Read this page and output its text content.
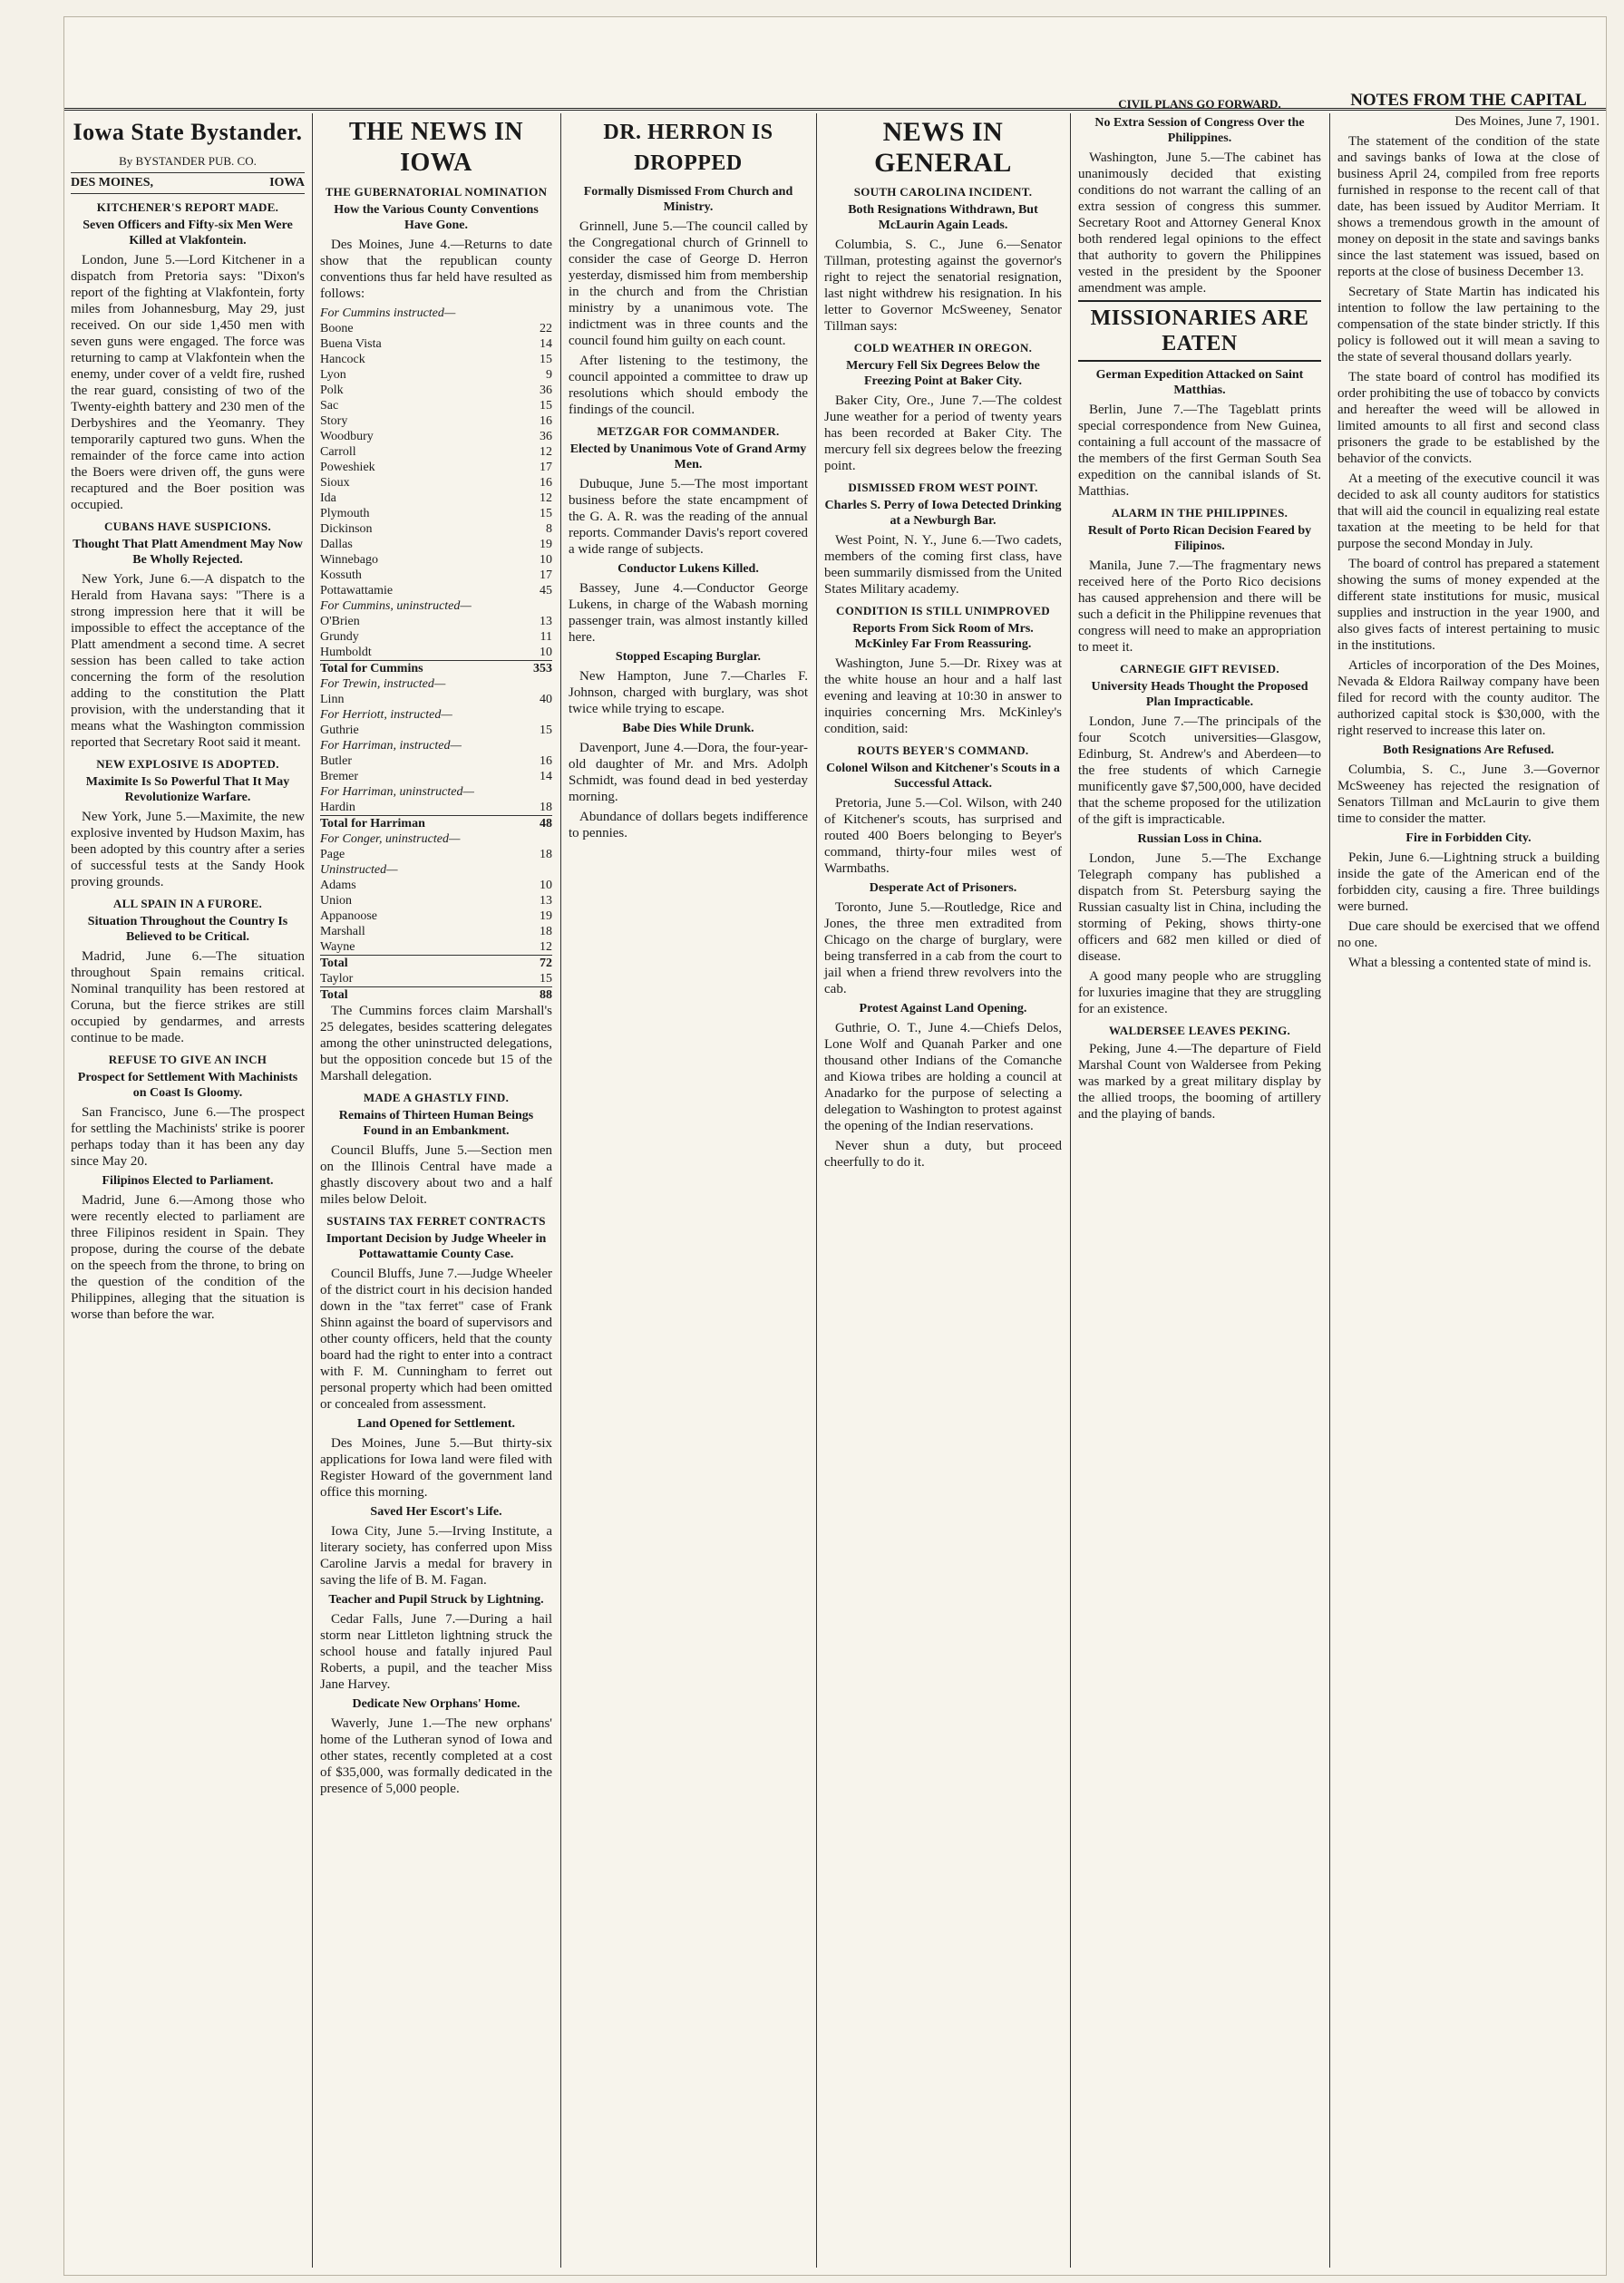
CIVIL PLANS GO FORWARD.	NOTES FROM THE CAPITAL
Iowa State Bystander.
By BYSTANDER PUB. CO.
DES MOINES,	IOWA
KITCHENER'S REPORT MADE.
Seven Officers and Fifty-six Men Were Killed at Vlakfontein.

London, June 5.—Lord Kitchener in a dispatch from Pretoria says: "Dixon's report of the fighting at Vlakfontein, forty miles from Johannesburg, May 29, just received. On our side 1,450 men with seven guns were engaged. The force was returning to camp at Vlakfontein when the enemy, under cover of a veldt fire, rushed the rear guard, consisting of two of the Twenty-eighth battery and 230 men of the Derbyshires and the Yeomanry. They temporarily captured two guns. When the remainder of the force came into action the Boers were driven off, the guns were recaptured and the Boer position was occupied.

CUBANS HAVE SUSPICIONS.
Thought That Platt Amendment May Now Be Wholly Rejected.

New York, June 6.—A dispatch to the Herald from Havana says: "There is a strong impression here that it will be impossible to effect the acceptance of the Platt amendment a second time. A secret session has been called to take action concerning the form of the resolution adding to the constitution the Platt provision, with the understanding that it means what the Washington commission reported that Secretary Root said it meant.

NEW EXPLOSIVE IS ADOPTED.
Maximite Is So Powerful That It May Revolutionize Warfare.

New York, June 5.—Maximite, the new explosive invented by Hudson Maxim, has been adopted by this country after a series of successful tests at the Sandy Hook proving grounds.

ALL SPAIN IN A FURORE.
Situation Throughout the Country Is Believed to be Critical.

Madrid, June 6.—The situation throughout Spain remains critical. Nominal tranquility has been restored at Coruna, but the fierce strikes are still occupied by gendarmes, and arrests continue to be made.

REFUSE TO GIVE AN INCH
Prospect for Settlement With Machinists on Coast Is Gloomy.

San Francisco, June 6.—The prospect for settling the Machinists' strike is poorer perhaps today than it has been any day since May 20.

Filipinos Elected to Parliament.

Madrid, June 6.—Among those who were recently elected to parliament are three Filipinos resident in Spain. They propose, during the course of the debate on the speech from the throne, to bring on the question of the condition of the Philippines, alleging that the situation is worse than before the war.

THE NEWS IN IOWA
THE GUBERNATORIAL NOMINATION
How the Various County Conventions Have Gone.

Des Moines, June 4.—Returns to date show that the republican county conventions thus far held have resulted as follows:

For Cummins instructed—	
Boone	22
Buena Vista	14
Hancock	15
Lyon	9
Polk	36
Sac	15
Story	16
Woodbury	36
Carroll	12
Poweshiek	17
Sioux	16
Ida	12
Plymouth	15
Dickinson	8
Dallas	19
Winnebago	10
Kossuth	17
Pottawattamie	45
For Cummins, uninstructed—	
O'Brien	13
Grundy	11
Humboldt	10
Total for Cummins	353
For Trewin, instructed—	
Linn	40
For Herriott, instructed—	
Guthrie	15
For Harriman, instructed—	
Butler	16
Bremer	14
For Harriman, uninstructed—	
Hardin	18
Total for Harriman	48
For Conger, uninstructed—	
Page	18
Uninstructed—	
Adams	10
Union	13
Appanoose	19
Marshall	18
Wayne	12
Total	72
Taylor	15
Total	88

The Cummins forces claim Marshall's 25 delegates, besides scattering delegates among the other uninstructed delegations, but the opposition concede but 15 of the Marshall delegation.

MADE A GHASTLY FIND.
Remains of Thirteen Human Beings Found in an Embankment.

Council Bluffs, June 5.—Section men on the Illinois Central have made a ghastly discovery about two and a half miles below Deloit.

SUSTAINS TAX FERRET CONTRACTS
Important Decision by Judge Wheeler in Pottawattamie County Case.

Council Bluffs, June 7.—Judge Wheeler of the district court in his decision handed down in the "tax ferret" case of Frank Shinn against the board of supervisors and other county officers, held that the county board had the right to enter into a contract with F. M. Cunningham to ferret out personal property which had been omitted or concealed from assessment.

Land Opened for Settlement.

Des Moines, June 5.—But thirty-six applications for Iowa land were filed with Register Howard of the government land office this morning.

Saved Her Escort's Life.

Iowa City, June 5.—Irving Institute, a literary society, has conferred upon Miss Caroline Jarvis a medal for bravery in saving the life of B. M. Fagan.

Teacher and Pupil Struck by Lightning.

Cedar Falls, June 7.—During a hail storm near Littleton lightning struck the school house and fatally injured Paul Roberts, a pupil, and the teacher Miss Jane Harvey.

Dedicate New Orphans' Home.

Waverly, June 1.—The new orphans' home of the Lutheran synod of Iowa and other states, recently completed at a cost of $35,000, was formally dedicated in the presence of 5,000 people.

DR. HERRON IS DROPPED
Formally Dismissed From Church and Ministry.

Grinnell, June 5.—The council called by the Congregational church of Grinnell to consider the case of George D. Herron yesterday, dismissed him from membership in the church and from the Christian ministry by a unanimous vote. The indictment was in three counts and the council found him guilty on each count.

After listening to the testimony, the council appointed a committee to draw up resolutions which should embody the findings of the council.

METZGAR FOR COMMANDER.
Elected by Unanimous Vote of Grand Army Men.

Dubuque, June 5.—The most important business before the state encampment of the G. A. R. was the reading of the annual reports. Commander Davis's report covered a wide range of subjects.

Conductor Lukens Killed.

Bassey, June 4.—Conductor George Lukens, in charge of the Wabash morning passenger train, was almost instantly killed here.

Stopped Escaping Burglar.

New Hampton, June 7.—Charles F. Johnson, charged with burglary, was shot twice while trying to escape.

Babe Dies While Drunk.

Davenport, June 4.—Dora, the four-year-old daughter of Mr. and Mrs. Adolph Schmidt, was found dead in bed yesterday morning.

Abundance of dollars begets indifference to pennies.

NEWS IN GENERAL
SOUTH CAROLINA INCIDENT.
Both Resignations Withdrawn, But McLaurin Again Leads.

Columbia, S. C., June 6.—Senator Tillman, protesting against the governor's right to reject the senatorial resignation, last night withdrew his resignation. In his letter to Governor McSweeney, Senator Tillman says:

COLD WEATHER IN OREGON.
Mercury Fell Six Degrees Below the Freezing Point at Baker City.

Baker City, Ore., June 7.—The coldest June weather for a period of twenty years has been recorded at Baker City. The mercury fell six degrees below the freezing point.

DISMISSED FROM WEST POINT.
Charles S. Perry of Iowa Detected Drinking at a Newburgh Bar.

West Point, N. Y., June 6.—Two cadets, members of the coming first class, have been summarily dismissed from the United States Military academy.

CONDITION IS STILL UNIMPROVED
Reports From Sick Room of Mrs. McKinley Far From Reassuring.

Washington, June 5.—Dr. Rixey was at the white house an hour and a half last evening and leaving at 10:30 in answer to inquiries concerning Mrs. McKinley's condition, said:

ROUTS BEYER'S COMMAND.
Colonel Wilson and Kitchener's Scouts in a Successful Attack.

Pretoria, June 5.—Col. Wilson, with 240 of Kitchener's scouts, has surprised and routed 400 Boers belonging to Beyer's command, thirty-four miles west of Warmbaths.

Desperate Act of Prisoners.

Toronto, June 5.—Routledge, Rice and Jones, the three men extradited from Chicago on the charge of burglary, were being transferred in a cab from the court to jail when a friend threw revolvers into the cab.

Protest Against Land Opening.

Guthrie, O. T., June 4.—Chiefs Delos, Lone Wolf and Quanah Parker and one thousand other Indians of the Comanche and Kiowa tribes are holding a council at Anadarko for the purpose of selecting a delegation to Washington to protest against the opening of the Indian reservations.

Never shun a duty, but proceed cheerfully to do it.

No Extra Session of Congress Over the Philippines.

Washington, June 5.—The cabinet has unanimously decided that existing conditions do not warrant the calling of an extra session of congress this summer. Secretary Root and Attorney General Knox both rendered legal opinions to the effect that authority to govern the Philippines vested in the president by the Spooner amendment was ample.

MISSIONARIES ARE EATEN
German Expedition Attacked on Saint Matthias.

Berlin, June 7.—The Tageblatt prints special correspondence from New Guinea, containing a full account of the massacre of the members of the first German South Sea expedition on the cannibal islands of St. Matthias.

ALARM IN THE PHILIPPINES.
Result of Porto Rican Decision Feared by Filipinos.

Manila, June 7.—The fragmentary news received here of the Porto Rico decisions has caused apprehension and there will be such a deficit in the Philippine revenues that congress will need to make an appropriation to meet it.

CARNEGIE GIFT REVISED.
University Heads Thought the Proposed Plan Impracticable.

London, June 7.—The principals of the four Scotch universities—Glasgow, Edinburg, St. Andrew's and Aberdeen—to the free students of which Carnegie munificently gave $7,500,000, have decided that the scheme proposed for the utilization of the gift is impracticable.

Russian Loss in China.

London, June 5.—The Exchange Telegraph company has published a dispatch from St. Petersburg saying the Russian casualty list in China, including the storming of Peking, shows thirty-one officers and 682 men killed or died of disease.

A good many people who are struggling for luxuries imagine that they are struggling for an existence.

WALDERSEE LEAVES PEKING.

Peking, June 4.—The departure of Field Marshal Count von Waldersee from Peking was marked by a great military display by the allied troops, the booming of artillery and the playing of bands.

Des Moines, June 7, 1901.

The statement of the condition of the state and savings banks of Iowa at the close of business April 24, compiled from free reports furnished in response to the recent call of that date, has been issued by Auditor Merriam. It shows a tremendous growth in the amount of money on deposit in the state and savings banks since the last statement was issued, based on reports at the close of business December 13.

Secretary of State Martin has indicated his intention to follow the law pertaining to the compensation of the state binder strictly. If this policy is followed out it will mean a saving to the state of several thousand dollars yearly.

The state board of control has modified its order prohibiting the use of tobacco by convicts and hereafter the weed will be allowed in limited amounts to all first and second class prisoners the grade to be established by the behavior of the convicts.

At a meeting of the executive council it was decided to ask all county auditors for statistics that will aid the council in equalizing real estate taxation at the meeting to be held for that purpose the second Monday in July.

The board of control has prepared a statement showing the sums of money expended at the different state institutions for music, musical supplies and instruction in the year 1900, and also gives facts of interest pertaining to music in the institutions.

Articles of incorporation of the Des Moines, Nevada & Eldora Railway company have been filed for record with the county auditor. The authorized capital stock is $30,000, with the right reserved to increase this later on.

Both Resignations Are Refused.

Columbia, S. C., June 3.—Governor McSweeney has rejected the resignation of Senators Tillman and McLaurin to give them time to consider the matter.

Fire in Forbidden City.

Pekin, June 6.—Lightning struck a building inside the gate of the American end of the forbidden city, causing a fire. Three buildings were burned.

Due care should be exercised that we offend no one.

What a blessing a contented state of mind is.
